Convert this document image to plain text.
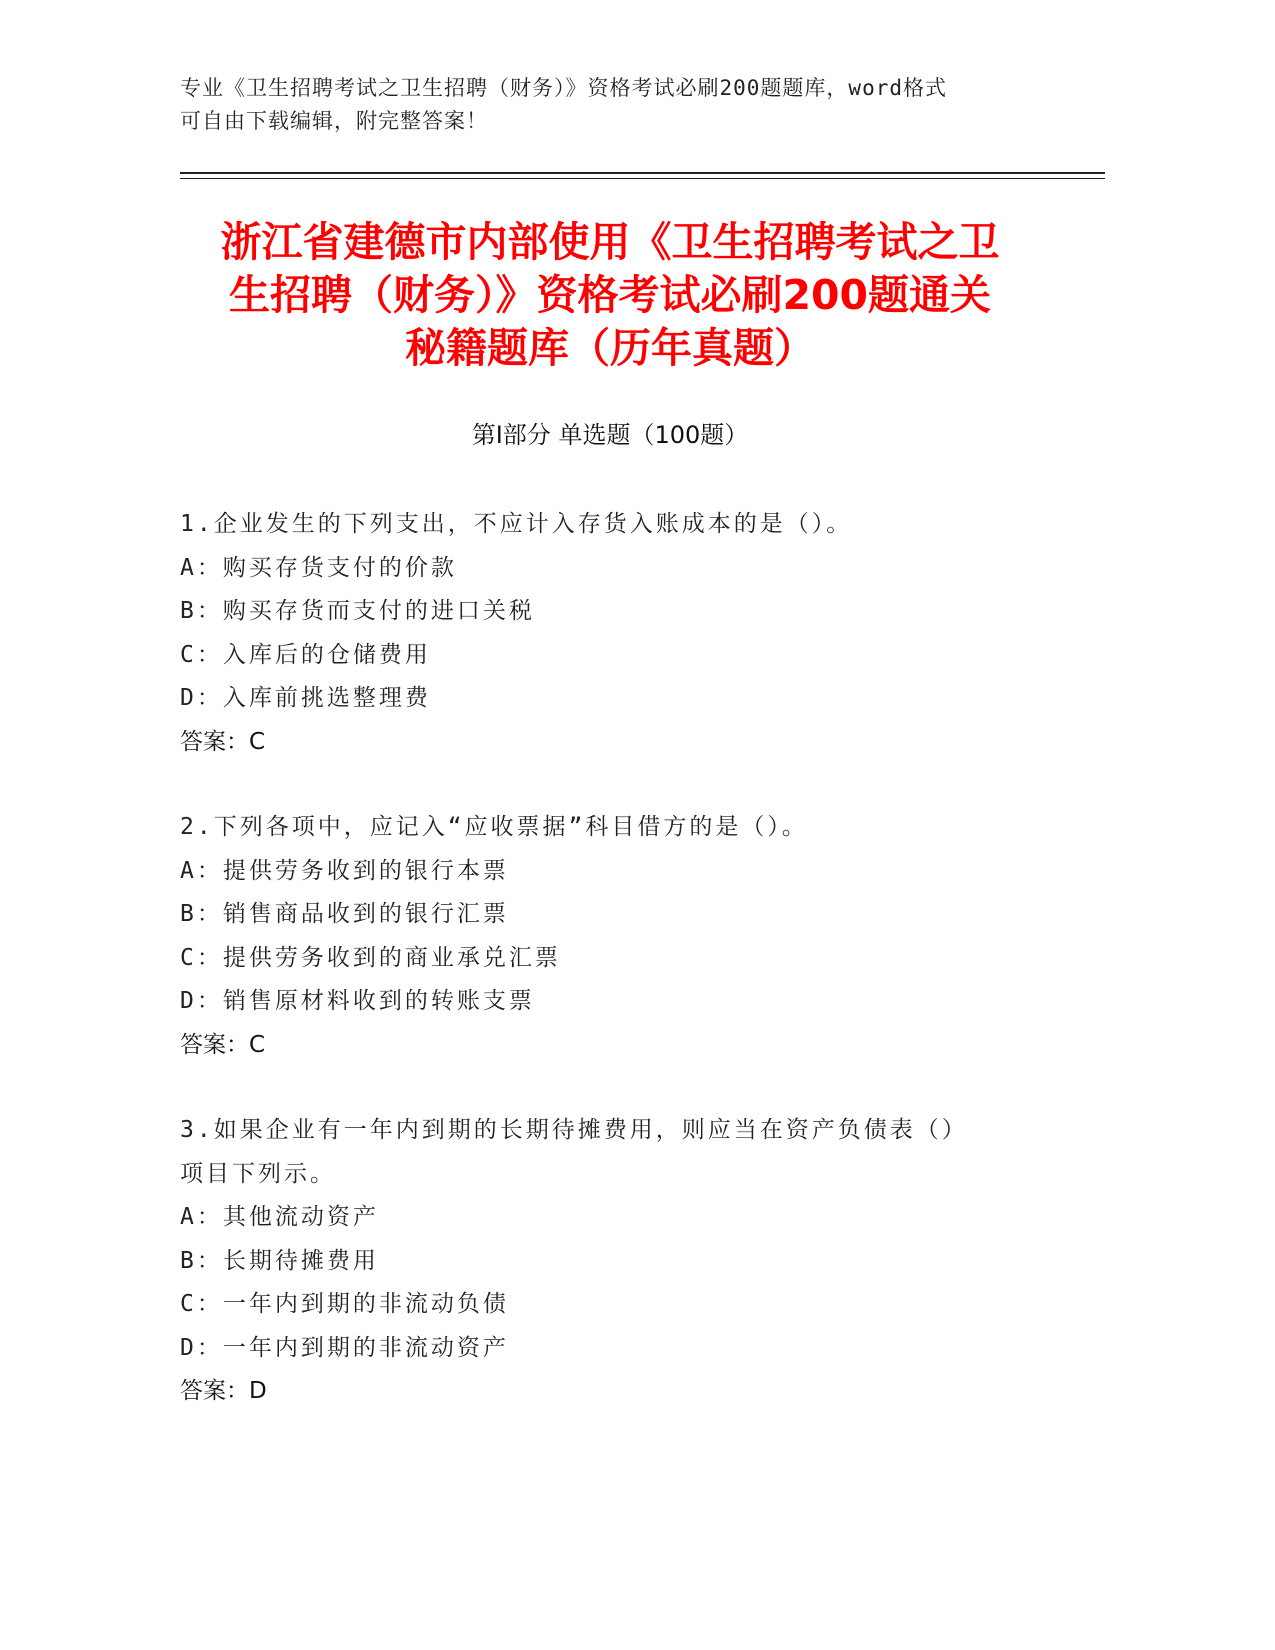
专业《卫生招聘考试之卫生招聘（财务）》资格考试必刷200题题库，word格式
可自由下载编辑，附完整答案！
浙江省建德市内部使用《卫生招聘考试之卫
生招聘（财务）》资格考试必刷200题通关
秘籍题库（历年真题）
第Ⅰ部分 单选题（100题）

1.企业发生的下列支出，不应计入存货入账成本的是（）。

A：购买存货支付的价款

B：购买存货而支付的进口关税

C：入库后的仓储费用

D：入库前挑选整理费

答案：C

2.下列各项中，应记入“应收票据”科目借方的是（）。

A：提供劳务收到的银行本票

B：销售商品收到的银行汇票

C：提供劳务收到的商业承兑汇票

D：销售原材料收到的转账支票

答案：C

3.如果企业有一年内到期的长期待摊费用，则应当在资产负债表（）

项目下列示。

A：其他流动资产

B：长期待摊费用

C：一年内到期的非流动负债

D：一年内到期的非流动资产

答案：D
